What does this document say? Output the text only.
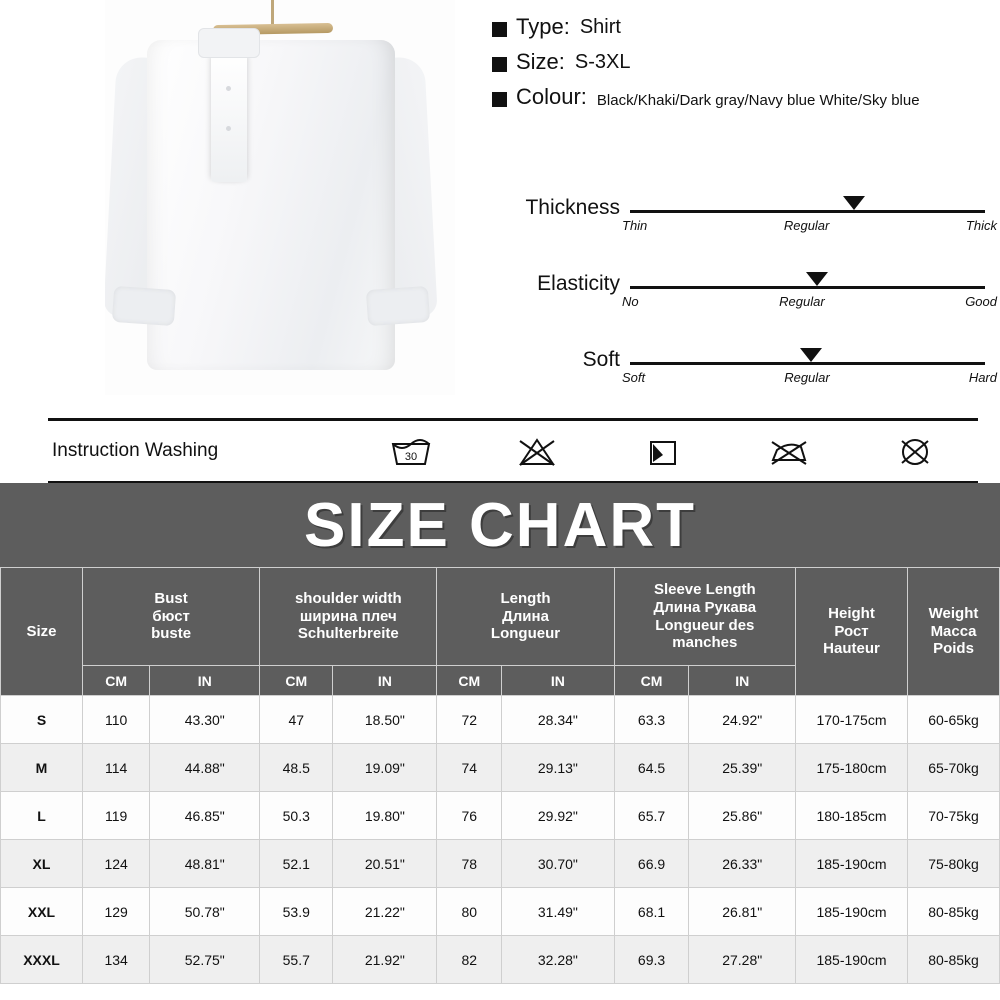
Type: Shirt
Size: S-3XL
Colour: Black/Khaki/Dark gray/Navy blue White/Sky blue
Thickness
Thin	Regular	Thick
Elasticity
No	Regular	Good
Soft
Soft	Regular	Hard
Instruction Washing	30
SIZE CHART
Size	
Bust
бюст
buste

shoulder width
ширина плеч
Schulterbreite

Length
Длина
Longueur

Sleeve Length
Длина Рукава
Longueur des
manches

Height
Рост
Hauteur

Weight
Macca
Poids

	CM	IN	CM	IN	CM	IN	CM	IN		
S	110	43.30"	47	18.50"	72	28.34"	63.3	24.92"	170-175cm	60-65kg
M	114	44.88"	48.5	19.09"	74	29.13"	64.5	25.39"	175-180cm	65-70kg
L	119	46.85"	50.3	19.80"	76	29.92"	65.7	25.86"	180-185cm	70-75kg
XL	124	48.81"	52.1	20.51"	78	30.70"	66.9	26.33"	185-190cm	75-80kg
XXL	129	50.78"	53.9	21.22"	80	31.49"	68.1	26.81"	185-190cm	80-85kg
XXXL	134	52.75"	55.7	21.92"	82	32.28"	69.3	27.28"	185-190cm	80-85kg
